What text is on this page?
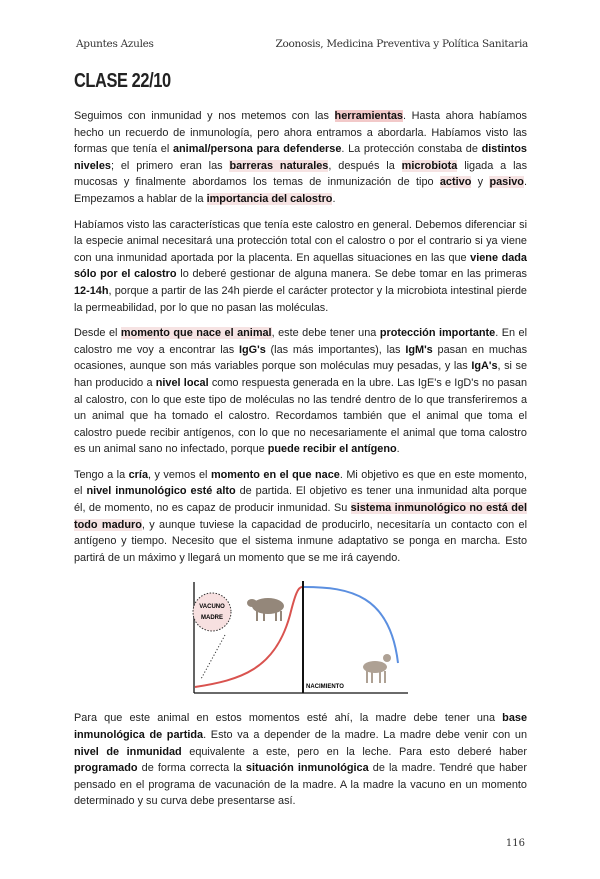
Apuntes Azules	Zoonosis, Medicina Preventiva y Política Sanitaria
CLASE 22/10

Seguimos con inmunidad y nos metemos con las herramientas. Hasta ahora habíamos hecho un recuerdo de inmunología, pero ahora entramos a abordarla. Habíamos visto las formas que tenía el animal/persona para defenderse. La protección constaba de distintos niveles; el primero eran las barreras naturales, después la microbiota ligada a las mucosas y finalmente abordamos los temas de inmunización de tipo activo y pasivo. Empezamos a hablar de la importancia del calostro.

Habíamos visto las características que tenía este calostro en general. Debemos diferenciar si la especie animal necesitará una protección total con el calostro o por el contrario si ya viene con una inmunidad aportada por la placenta. En aquellas situaciones en las que viene dada sólo por el calostro lo deberé gestionar de alguna manera. Se debe tomar en las primeras 12-14h, porque a partir de las 24h pierde el carácter protector y la microbiota intestinal pierde la permeabilidad, por lo que no pasan las moléculas.

Desde el momento que nace el animal, este debe tener una protección importante. En el calostro me voy a encontrar las IgG's (las más importantes), las IgM's pasan en muchas ocasiones, aunque son más variables porque son moléculas muy pesadas, y las IgA's, si se han producido a nivel local como respuesta generada en la ubre. Las IgE's e IgD's no pasan al calostro, con lo que este tipo de moléculas no las tendré dentro de lo que transferiremos a un animal que ha tomado el calostro. Recordamos también que el animal que toma el calostro puede recibir antígenos, con lo que no necesariamente el animal que toma calostro es un animal sano no infectado, porque puede recibir el antígeno.

Tengo a la cría, y vemos el momento en el que nace. Mi objetivo es que en este momento, el nivel inmunológico esté alto de partida. El objetivo es tener una inmunidad alta porque él, de momento, no es capaz de producir inmunidad. Su sistema inmunológico no está del todo maduro, y aunque tuviese la capacidad de producirlo, necesitaría un contacto con el antígeno y tiempo. Necesito que el sistema inmune adaptativo se ponga en marcha. Esto partirá de un máximo y llegará un momento que se me irá cayendo.

VACUNO
MADRE
NACIMIENTO

Para que este animal en estos momentos esté ahí, la madre debe tener una base inmunológica de partida. Esto va a depender de la madre. La madre debe venir con un nivel de inmunidad equivalente a este, pero en la leche. Para esto deberé haber programado de forma correcta la situación inmunológica de la madre. Tendré que haber pensado en el programa de vacunación de la madre. A la madre la vacuno en un momento determinado y su curva debe presentarse así.

116
